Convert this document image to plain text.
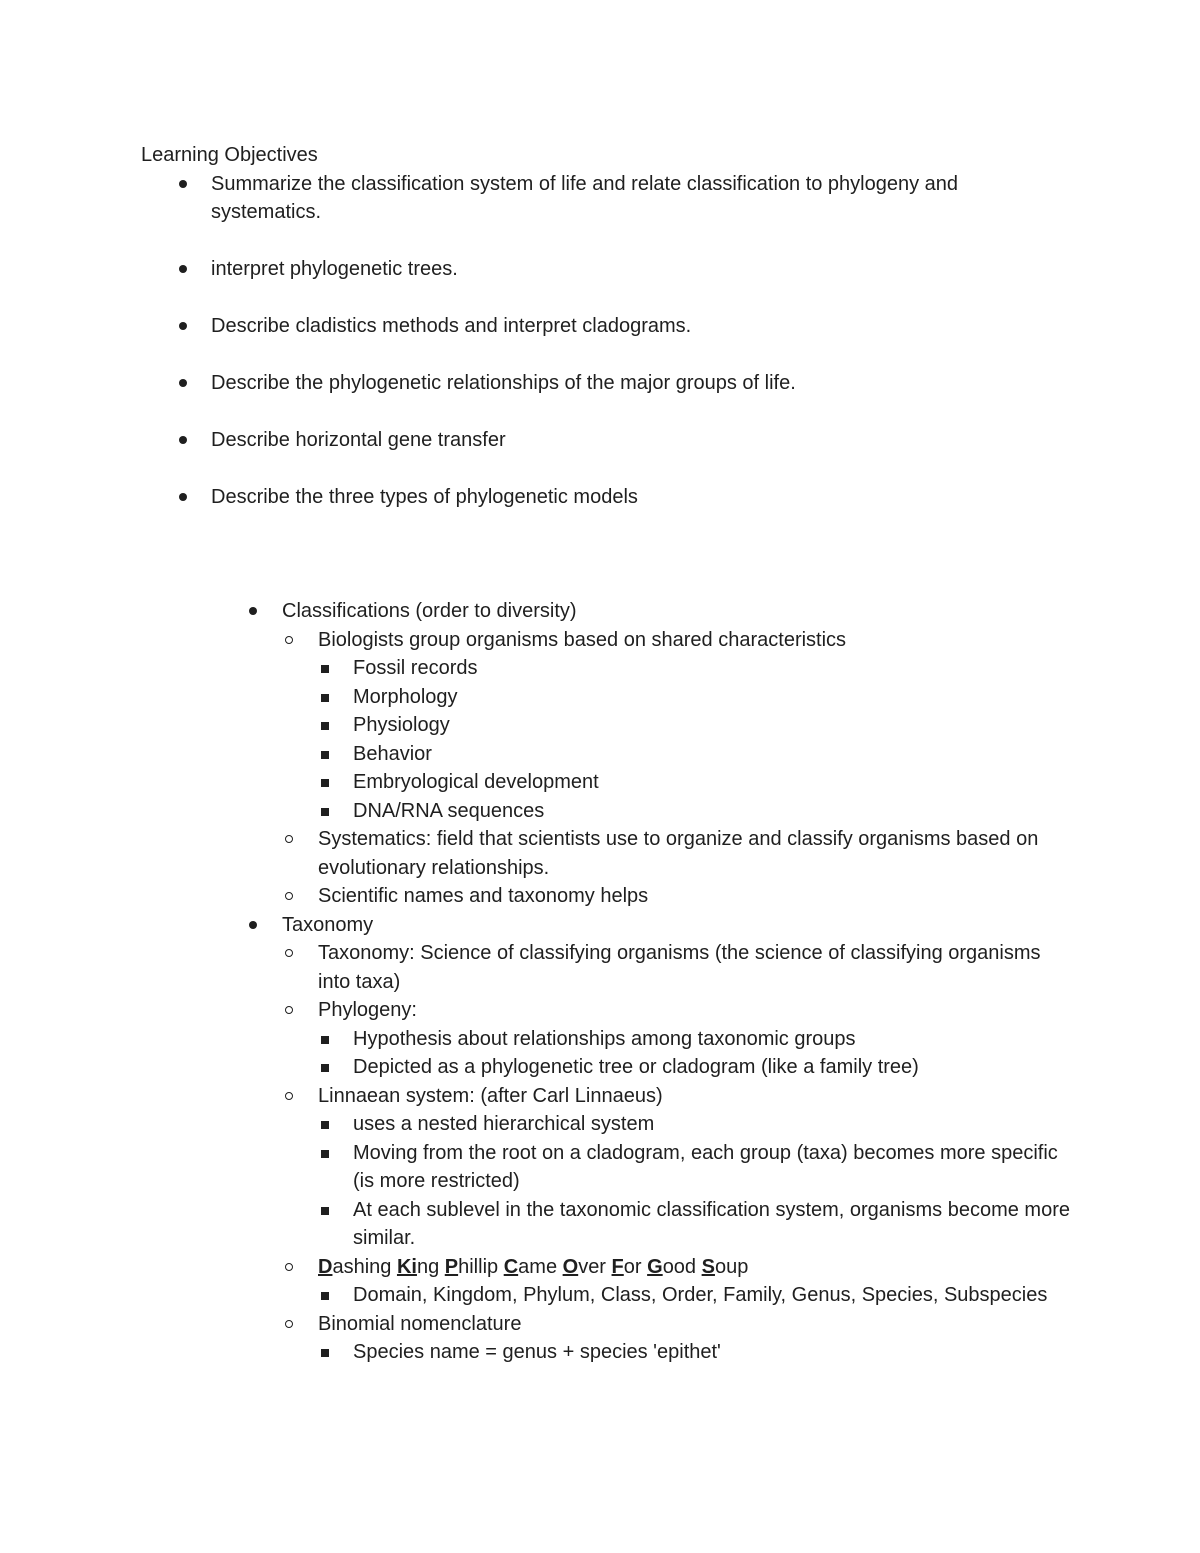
Learning Objectives
Summarize the classification system of life and relate classification to phylogeny and systematics.
interpret phylogenetic trees.
Describe cladistics methods and interpret cladograms.
Describe the phylogenetic relationships of the major groups of life.
Describe horizontal gene transfer
Describe the three types of phylogenetic models
Classifications (order to diversity)
Biologists group organisms based on shared characteristics
Fossil records
Morphology
Physiology
Behavior
Embryological development
DNA/RNA sequences
Systematics: field that scientists use to organize and classify organisms based on evolutionary relationships.
Scientific names and taxonomy helps
Taxonomy
Taxonomy: Science of classifying organisms (the science of classifying organisms into taxa)
Phylogeny:
Hypothesis about relationships among taxonomic groups
Depicted as a phylogenetic tree or cladogram (like a family tree)
Linnaean system: (after Carl Linnaeus)
uses a nested hierarchical system
Moving from the root on a cladogram, each group (taxa) becomes more specific (is more restricted)
At each sublevel in the taxonomic classification system, organisms become more similar.
Dashing King Phillip Came Over For Good Soup
Domain, Kingdom, Phylum, Class, Order, Family, Genus, Species, Subspecies
Binomial nomenclature
Species name = genus + species 'epithet'
